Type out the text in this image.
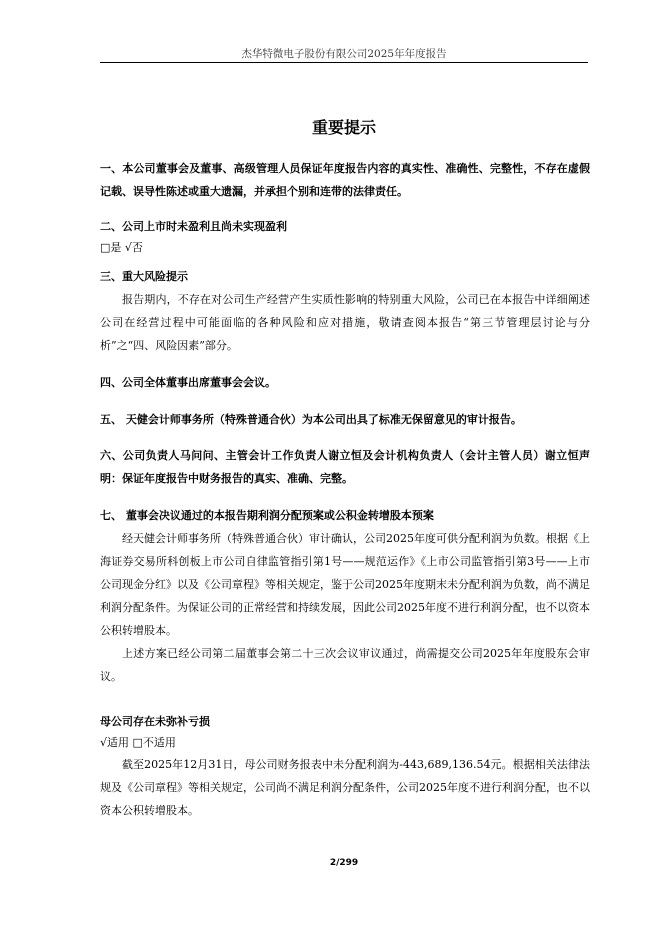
杰华特微电子股份有限公司2025年年度报告
重要提示
一、本公司董事会及董事、高级管理人员保证年度报告内容的真实性、准确性、完整性，不存在虚假记载、误导性陈述或重大遗漏，并承担个别和连带的法律责任。
二、公司上市时未盈利且尚未实现盈利
□是 √否
三、重大风险提示
报告期内，不存在对公司生产经营产生实质性影响的特别重大风险，公司已在本报告中详细阐述公司在经营过程中可能面临的各种风险和应对措施，敬请查阅本报告“第三节管理层讨论与分析”之“四、风险因素”部分。
四、公司全体董事出席董事会会议。
五、 天健会计师事务所（特殊普通合伙）为本公司出具了标准无保留意见的审计报告。
六、公司负责人马问问、主管会计工作负责人谢立恒及会计机构负责人（会计主管人员）谢立恒声明：保证年度报告中财务报告的真实、准确、完整。
七、 董事会决议通过的本报告期利润分配预案或公积金转增股本预案
经天健会计师事务所（特殊普通合伙）审计确认，公司2025年度可供分配利润为负数。根据《上海证券交易所科创板上市公司自律监管指引第1号——规范运作》《上市公司监管指引第3号——上市公司现金分红》以及《公司章程》等相关规定，鉴于公司2025年度期末未分配利润为负数，尚不满足利润分配条件。为保证公司的正常经营和持续发展，因此公司2025年度不进行利润分配，也不以资本公积转增股本。
上述方案已经公司第二届董事会第二十三次会议审议通过，尚需提交公司2025年年度股东会审议。
母公司存在未弥补亏损
√适用 □不适用
截至2025年12月31日，母公司财务报表中未分配利润为-443,689,136.54元。根据相关法律法规及《公司章程》等相关规定，公司尚不满足利润分配条件，公司2025年度不进行利润分配，也不以资本公积转增股本。
2/299
